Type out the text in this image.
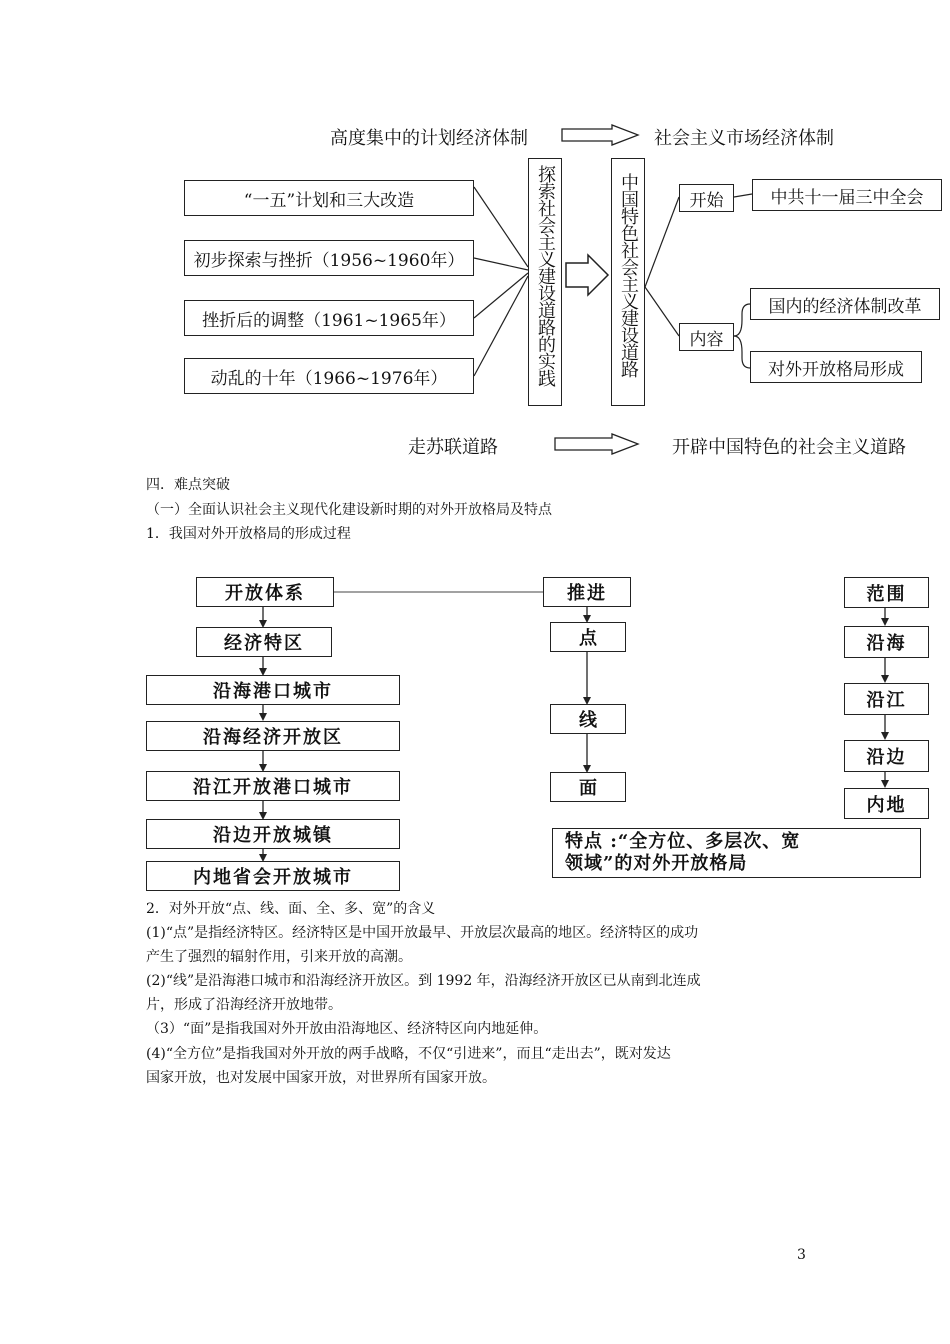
高度集中的计划经济体制	社会主义市场经济体制
“一五”计划和三大改造
初步探索与挫折（1956~1960年）
挫折后的调整（1961~1965年）
动乱的十年（1966~1976年）	探索社会主义建设道路的实践	中国特色社会主义建设道路	开始	中共十一届三中全会
内容
国内的经济体制改革
对外开放格局形成
走苏联道路	开辟中国特色的社会主义道路
四．难点突破
（一）全面认识社会主义现代化建设新时期的对外开放格局及特点
1．我国对外开放格局的形成过程
开放体系
经济特区
沿海港口城市
沿海经济开放区
沿江开放港口城市
沿边开放城镇
内地省会开放城市
推进
点
线
面
范围
沿海
沿江
沿边
内地
特点 :“全方位、多层次、宽
领域”的对外开放格局
2．对外开放“点、线、面、全、多、宽”的含义
(1)“点”是指经济特区。经济特区是中国开放最早、开放层次最高的地区。经济特区的成功
产生了强烈的辐射作用，引来开放的高潮。
(2)“线”是沿海港口城市和沿海经济开放区。到 1992 年，沿海经济开放区已从南到北连成
片，形成了沿海经济开放地带。
（3）“面”是指我国对外开放由沿海地区、经济特区向内地延伸。
(4)“全方位”是指我国对外开放的两手战略，不仅“引进来”，而且“走出去”，既对发达
国家开放，也对发展中国家开放，对世界所有国家开放。
3
